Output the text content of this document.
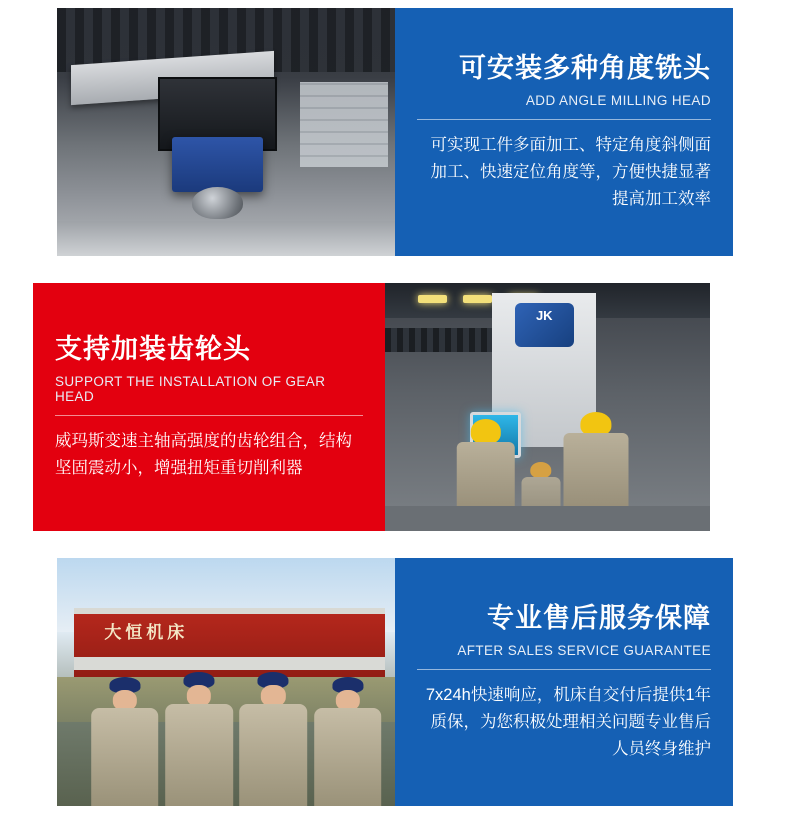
可安装多种角度铣头
ADD ANGLE MILLING HEAD
可实现工件多面加工、特定角度斜侧面加工、快速定位角度等，方便快捷显著提高加工效率
支持加装齿轮头
SUPPORT THE INSTALLATION OF GEAR HEAD
威玛斯变速主轴高强度的齿轮组合，结构坚固震动小，增强扭矩重切削利器
JK
大恒机床	专业售后服务保障
AFTER SALES SERVICE GUARANTEE
7x24h快速响应，机床自交付后提供1年质保，为您积极处理相关问题专业售后人员终身维护
